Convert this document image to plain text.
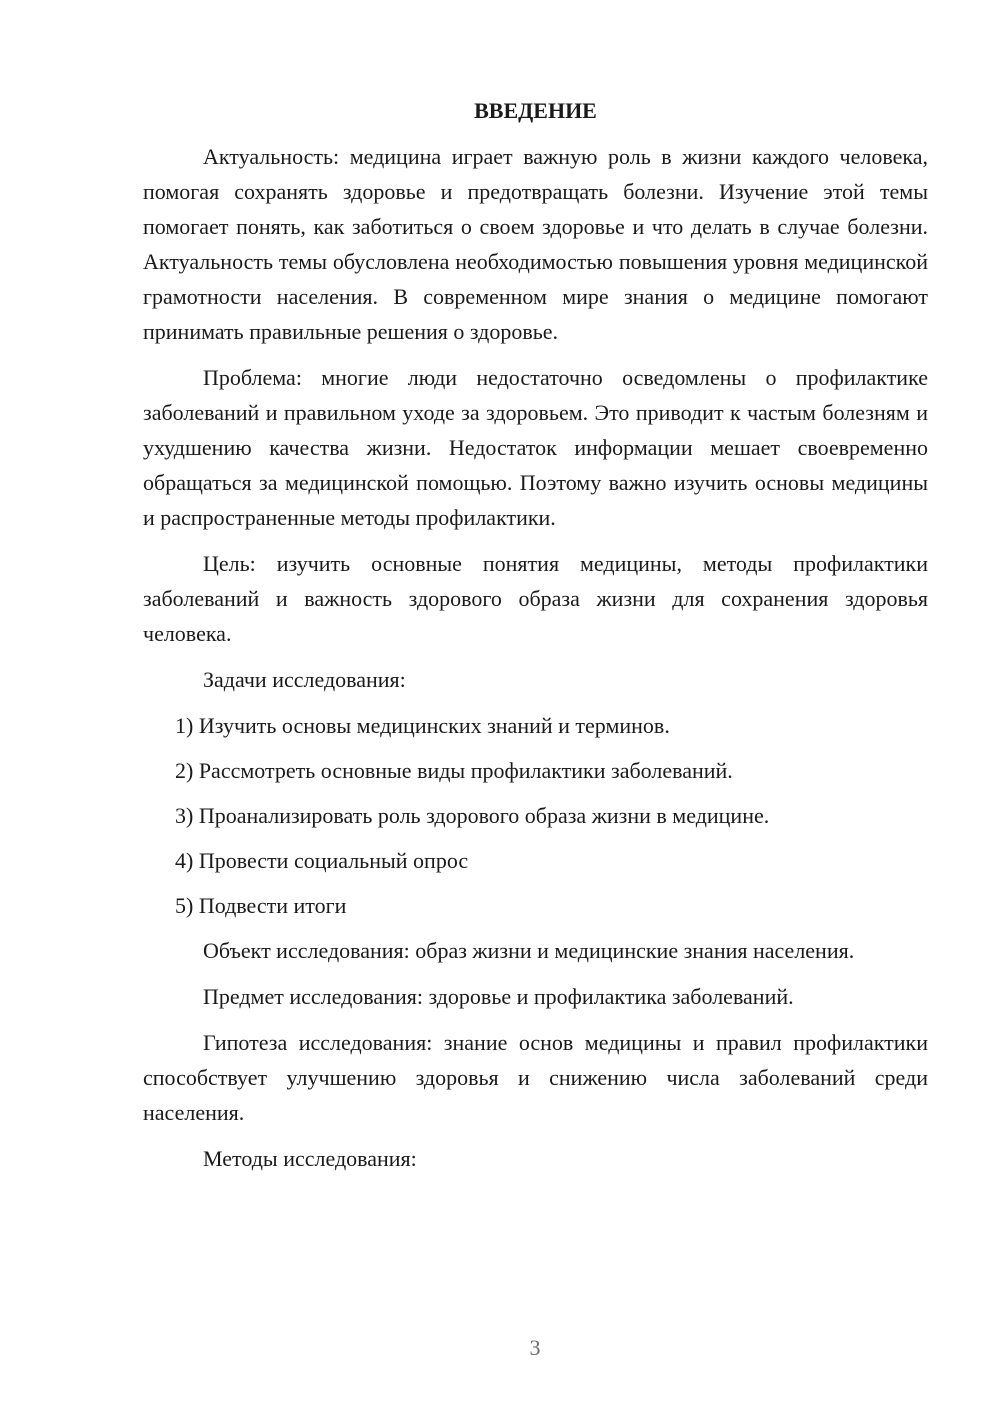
ВВЕДЕНИЕ

Актуальность: медицина играет важную роль в жизни каждого человека, помогая сохранять здоровье и предотвращать болезни. Изучение этой темы помогает понять, как заботиться о своем здоровье и что делать в случае болезни. Актуальность темы обусловлена необходимостью повышения уровня медицинской грамотности населения. В современном мире знания о медицине помогают принимать правильные решения о здоровье.

Проблема: многие люди недостаточно осведомлены о профилактике заболеваний и правильном уходе за здоровьем. Это приводит к частым болезням и ухудшению качества жизни. Недостаток информации мешает своевременно обращаться за медицинской помощью. Поэтому важно изучить основы медицины и распространенные методы профилактики.

Цель: изучить основные понятия медицины, методы профилактики заболеваний и важность здорового образа жизни для сохранения здоровья человека.

Задачи исследования:

1) Изучить основы медицинских знаний и терминов.
2) Рассмотреть основные виды профилактики заболеваний.
3) Проанализировать роль здорового образа жизни в медицине.
4) Провести социальный опрос
5) Подвести итоги

Объект исследования: образ жизни и медицинские знания населения.

Предмет исследования: здоровье и профилактика заболеваний.

Гипотеза исследования: знание основ медицины и правил профилактики способствует улучшению здоровья и снижению числа заболеваний среди населения.

Методы исследования:

3
